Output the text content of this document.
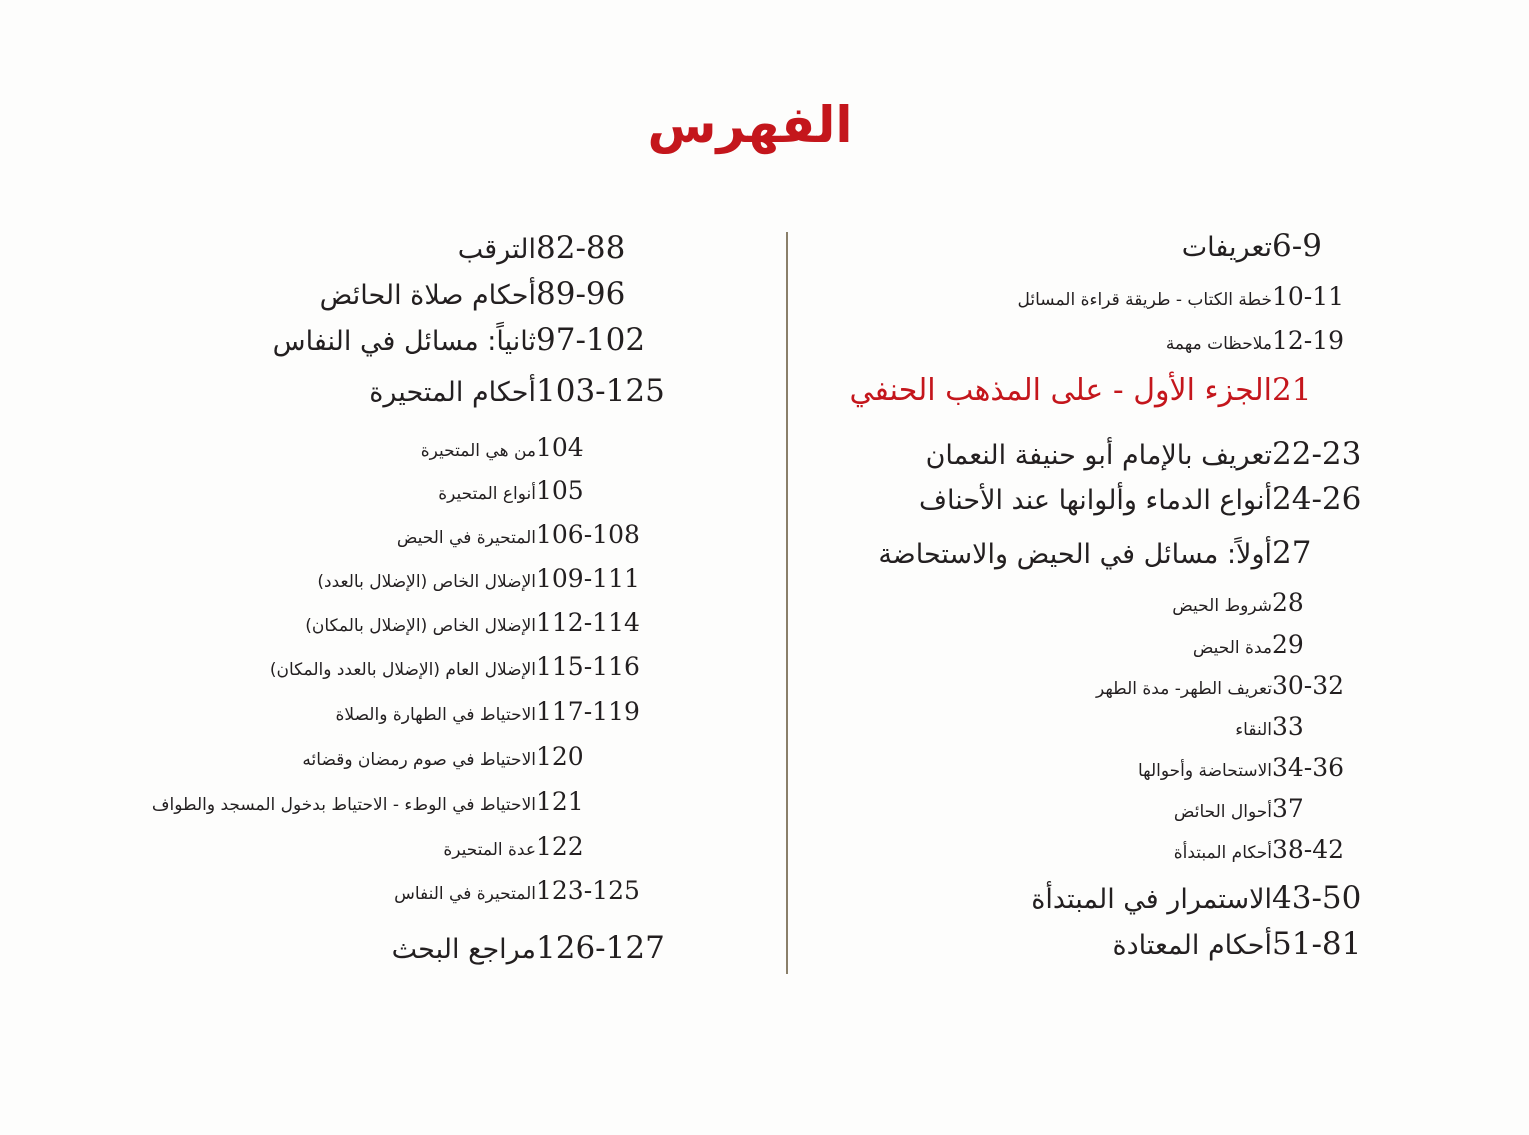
الفهرس
تعريفات 6-9
خطة الكتاب - طريقة قراءة المسائل 10-11
ملاحظات مهمة 12-19
الجزء الأول - على المذهب الحنفي 21
تعريف بالإمام أبو حنيفة النعمان 22-23
أنواع الدماء وألوانها عند الأحناف 24-26
أولاً: مسائل في الحيض والاستحاضة 27
شروط الحيض 28
مدة الحيض 29
تعريف الطهر- مدة الطهر 30-32
النقاء 33
الاستحاضة وأحوالها 34-36
أحوال الحائض 37
أحكام المبتدأة 38-42
الاستمرار في المبتدأة 43-50
أحكام المعتادة 51-81
الترقب 82-88
أحكام صلاة الحائض 89-96
ثانياً: مسائل في النفاس 97-102
أحكام المتحيرة 103-125
من هي المتحيرة 104
أنواع المتحيرة 105
المتحيرة في الحيض 106-108
الإضلال الخاص (الإضلال بالعدد) 109-111
الإضلال الخاص (الإضلال بالمكان) 112-114
الإضلال العام (الإضلال بالعدد والمكان) 115-116
الاحتياط في الطهارة والصلاة 117-119
الاحتياط في صوم رمضان وقضائه 120
الاحتياط في الوطء - الاحتياط بدخول المسجد والطواف 121
عدة المتحيرة 122
المتحيرة في النفاس 123-125
مراجع البحث 126-127
